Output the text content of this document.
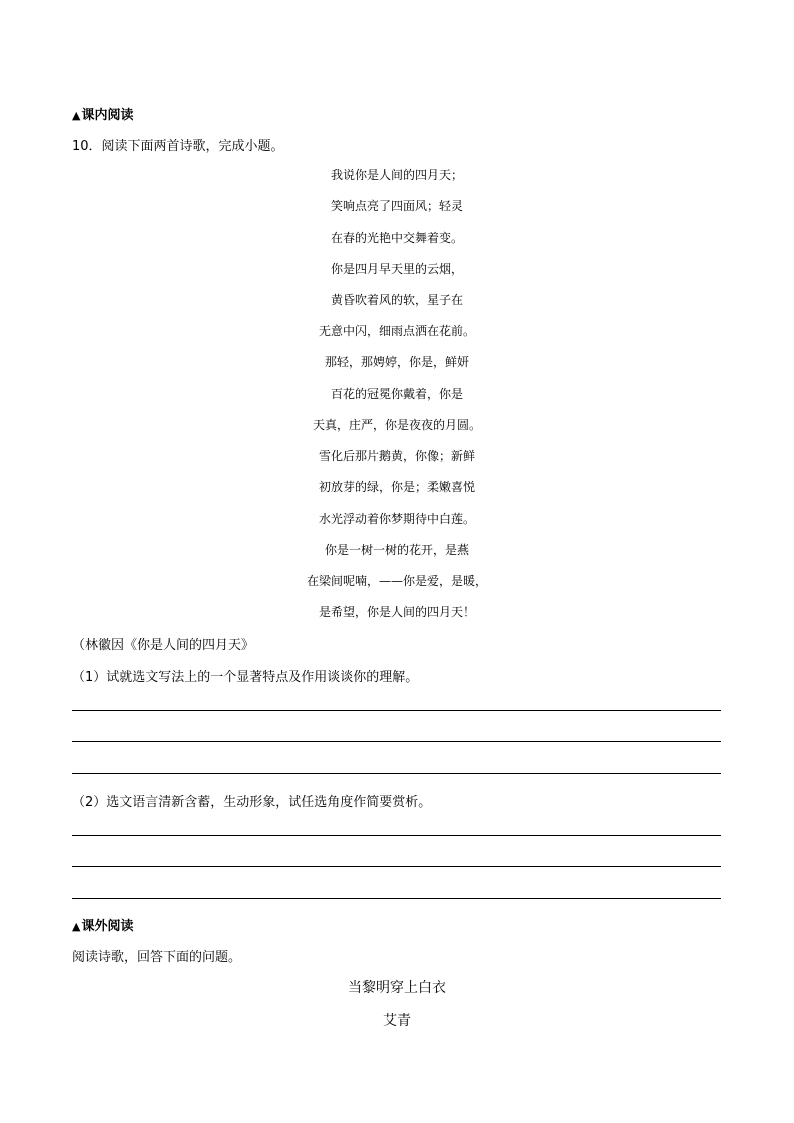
▲课内阅读
10．阅读下面两首诗歌，完成小题。
我说你是人间的四月天；
笑响点亮了四面风；轻灵
在春的光艳中交舞着变。
你是四月早天里的云烟，
黄昏吹着风的软，星子在
无意中闪，细雨点洒在花前。
那轻，那娉婷，你是，鲜妍
百花的冠冕你戴着，你是
天真，庄严，你是夜夜的月圆。
雪化后那片鹅黄，你像；新鲜
初放芽的绿，你是；柔嫩喜悦
水光浮动着你梦期待中白莲。
你是一树一树的花开，是燕
在梁间呢喃，——你是爱，是暖，
是希望，你是人间的四月天！
（林徽因《你是人间的四月天》
（1）试就选文写法上的一个显著特点及作用谈谈你的理解。
（2）选文语言清新含蓄，生动形象，试任选角度作简要赏析。
▲课外阅读
阅读诗歌，回答下面的问题。
当黎明穿上白衣
艾青
